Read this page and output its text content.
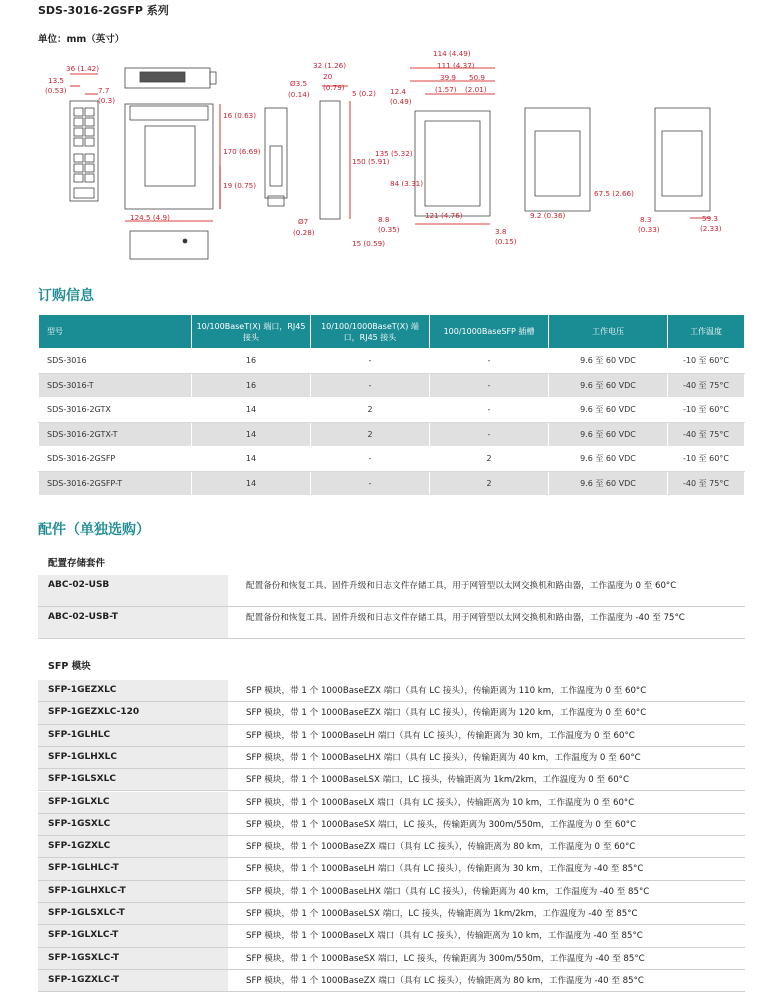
SDS-3016-2GSFP 系列
单位：mm（英寸）
36 (1.42)
13.5
(0.53)	7.7
(0.3)
124.5 (4.9)
16 (0.63)
170 (6.69)
19 (0.75)
32 (1.26)
20
(0.79)
5 (0.2)
Ø3.5
(0.14)
150 (5.91)
Ø7
(0.28)
15 (0.59)
114 (4.49)
111 (4.37)
39.9 50.9
(1.57) (2.01)
12.4
(0.49)
135 (5.32)
84 (3.31)
8.8
(0.35)
121 (4.76)
3.8
(0.15)
9.2 (0.36)
67.5 (2.66)
8.3
(0.33)
59.3
(2.33)
订购信息
型号	10/100BaseT(X) 端口，RJ45 接头	10/100/1000BaseT(X) 端口，RJ45 接头	100/1000BaseSFP 插槽	工作电压	工作温度
SDS-3016	16	-	-	9.6 至 60 VDC	-10 至 60°C
SDS-3016-T	16	-	-	9.6 至 60 VDC	-40 至 75°C
SDS-3016-2GTX	14	2	-	9.6 至 60 VDC	-10 至 60°C
SDS-3016-2GTX-T	14	2	-	9.6 至 60 VDC	-40 至 75°C
SDS-3016-2GSFP	14	-	2	9.6 至 60 VDC	-10 至 60°C
SDS-3016-2GSFP-T	14	-	2	9.6 至 60 VDC	-40 至 75°C
配件（单独选购）
配置存储套件
ABC-02-USB	配置备份和恢复工具、固件升级和日志文件存储工具，用于网管型以太网交换机和路由器，工作温度为 0 至 60°C
ABC-02-USB-T	配置备份和恢复工具、固件升级和日志文件存储工具，用于网管型以太网交换机和路由器，工作温度为 -40 至 75°C
SFP 模块
SFP-1GEZXLC	SFP 模块，带 1 个 1000BaseEZX 端口（具有 LC 接头），传输距离为 110 km，工作温度为 0 至 60°C
SFP-1GEZXLC-120	SFP 模块，带 1 个 1000BaseEZX 端口（具有 LC 接头），传输距离为 120 km，工作温度为 0 至 60°C
SFP-1GLHLC	SFP 模块，带 1 个 1000BaseLH 端口（具有 LC 接头），传输距离为 30 km，工作温度为 0 至 60°C
SFP-1GLHXLC	SFP 模块，带 1 个 1000BaseLHX 端口（具有 LC 接头），传输距离为 40 km，工作温度为 0 至 60°C
SFP-1GLSXLC	SFP 模块，带 1 个 1000BaseLSX 端口，LC 接头，传输距离为 1km/2km，工作温度为 0 至 60°C
SFP-1GLXLC	SFP 模块，带 1 个 1000BaseLX 端口（具有 LC 接头），传输距离为 10 km，工作温度为 0 至 60°C
SFP-1GSXLC	SFP 模块，带 1 个 1000BaseSX 端口，LC 接头，传输距离为 300m/550m，工作温度为 0 至 60°C
SFP-1GZXLC	SFP 模块，带 1 个 1000BaseZX 端口（具有 LC 接头），传输距离为 80 km，工作温度为 0 至 60°C
SFP-1GLHLC-T	SFP 模块，带 1 个 1000BaseLH 端口（具有 LC 接头），传输距离为 30 km，工作温度为 -40 至 85°C
SFP-1GLHXLC-T	SFP 模块，带 1 个 1000BaseLHX 端口（具有 LC 接头），传输距离为 40 km，工作温度为 -40 至 85°C
SFP-1GLSXLC-T	SFP 模块，带 1 个 1000BaseLSX 端口，LC 接头，传输距离为 1km/2km，工作温度为 -40 至 85°C
SFP-1GLXLC-T	SFP 模块，带 1 个 1000BaseLX 端口（具有 LC 接头），传输距离为 10 km，工作温度为 -40 至 85°C
SFP-1GSXLC-T	SFP 模块，带 1 个 1000BaseSX 端口，LC 接头，传输距离为 300m/550m，工作温度为 -40 至 85°C
SFP-1GZXLC-T	SFP 模块，带 1 个 1000BaseZX 端口（具有 LC 接头），传输距离为 80 km，工作温度为 -40 至 85°C
